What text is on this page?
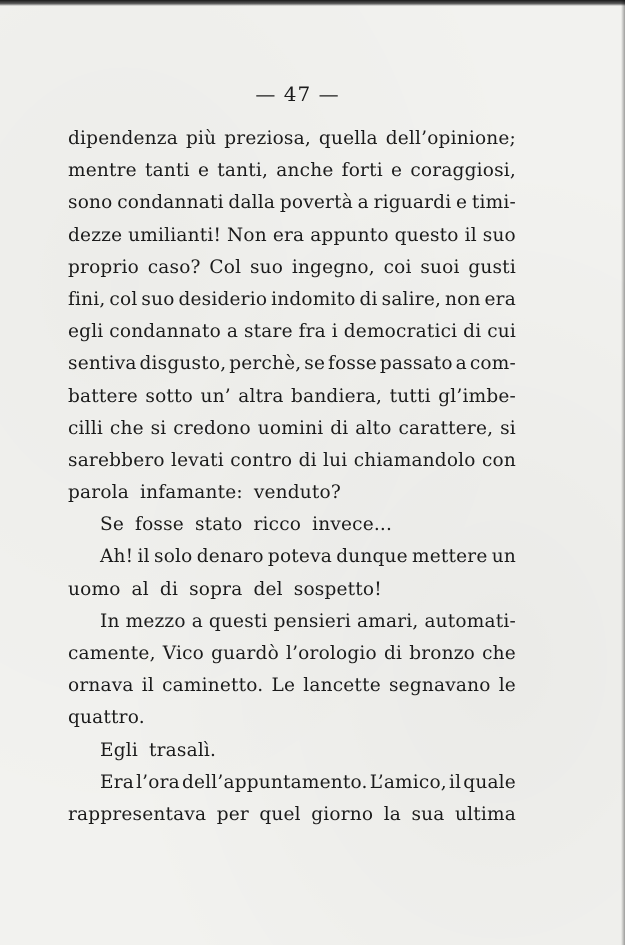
— 47 —
dipendenza più preziosa, quella dell’opinione;
mentre tanti e tanti, anche forti e coraggiosi,
sono condannati dalla povertà a riguardi e timi-
dezze umilianti! Non era appunto questo il suo
proprio caso? Col suo ingegno, coi suoi gusti
fini, col suo desiderio indomito di salire, non era
egli condannato a stare fra i democratici di cui
sentiva disgusto, perchè, se fosse passato a com-
battere sotto un’ altra bandiera, tutti gl’imbe-
cilli che si credono uomini di alto carattere, si
sarebbero levati contro di lui chiamandolo con
parola infamante: venduto?
Se fosse stato ricco invece...
Ah! il solo denaro poteva dunque mettere un
uomo al di sopra del sospetto!
In mezzo a questi pensieri amari, automati-
camente, Vico guardò l’orologio di bronzo che
ornava il caminetto. Le lancette segnavano le
quattro.
Egli trasalì.
Era l’ora dell’appuntamento. L’amico, il quale
rappresentava per quel giorno la sua ultima
